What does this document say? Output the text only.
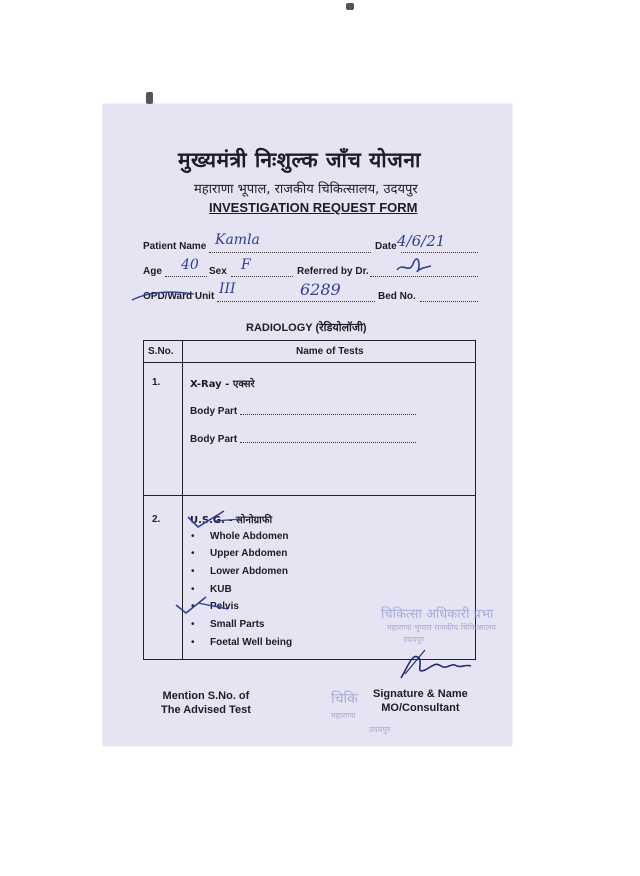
मुख्यमंत्री निःशुल्क जाँच योजना
महाराणा भूपाल, राजकीय चिकित्सालय, उदयपुर
INVESTIGATION REQUEST FORM
Patient Name Kamla	Date 4/6/21
Age 40 Sex F	Referred by Dr.
OPD/Ward Unit III	6289	Bed No.
RADIOLOGY (रेडियोलॉजी)
S.No.	Name of Tests
1.	X-Ray - एक्सरे
Body Part
Body Part
2.	U.S.G. - सोनोग्राफी
• Whole Abdomen
• Upper Abdomen
• Lower Abdomen
• KUB
• Pelvis
• Small Parts
• Foetal Well being
चिकित्सा अधिकारी प्रभा
महाराणा भूपाल राजकीय चिकित्सालय
उदयपुर
चिकि
महाराणा
उदयपुर
Mention S.No. of
The Advised Test
Signature & Name
MO/Consultant
